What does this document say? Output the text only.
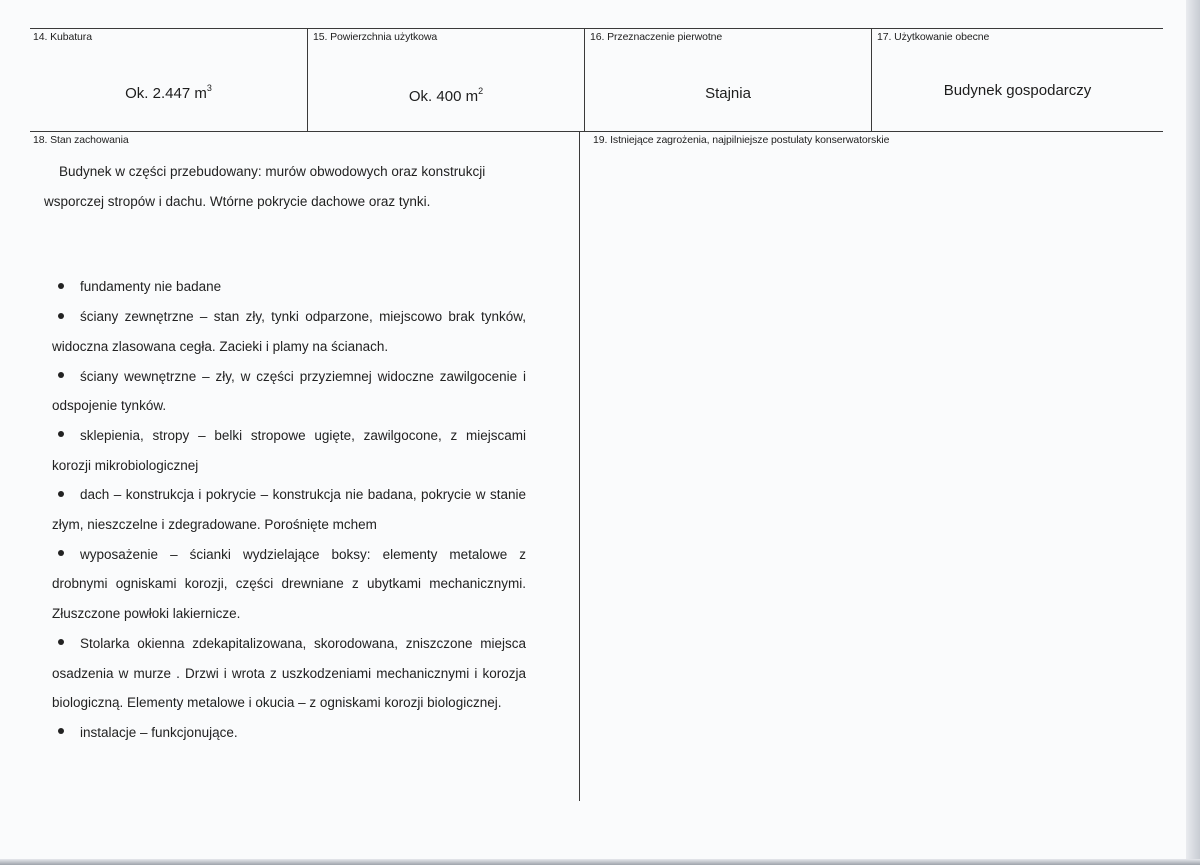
14. Kubatura	15. Powierzchnia użytkowa	16. Przeznaczenie pierwotne	17. Użytkowanie obecne
Ok. 2.447 $m^3$	Ok. 400 $m^2$	Stajnia	Budynek gospodarczy
18. Stan zachowania	19. Istniejące zagrożenia, najpilniejsze postulaty konserwatorskie

Budynek w części przebudowany: murów obwodowych oraz konstrukcji wsporczej stropów i dachu. Wtórne pokrycie dachowe oraz tynki.

fundamenty nie badane
ściany zewnętrzne – stan zły, tynki odparzone, miejscowo brak tynków, widoczna zlasowana cegła. Zacieki i plamy na ścianach.
ściany wewnętrzne – zły, w części przyziemnej widoczne zawilgocenie i odspojenie tynków.
sklepienia, stropy – belki stropowe ugięte, zawilgocone, z miejscami korozji mikrobiologicznej
dach – konstrukcja i pokrycie – konstrukcja nie badana, pokrycie w stanie złym, nieszczelne i zdegradowane. Porośnięte mchem
wyposażenie – ścianki wydzielające boksy: elementy metalowe z drobnymi ogniskami korozji, części drewniane z ubytkami mechanicznymi. Złuszczone powłoki lakiernicze.
Stolarka okienna zdekapitalizowana, skorodowana, zniszczone miejsca osadzenia w murze . Drzwi i wrota z uszkodzeniami mechanicznymi i korozja biologiczną. Elementy metalowe i okucia – z ogniskami korozji biologicznej.
instalacje – funkcjonujące.
